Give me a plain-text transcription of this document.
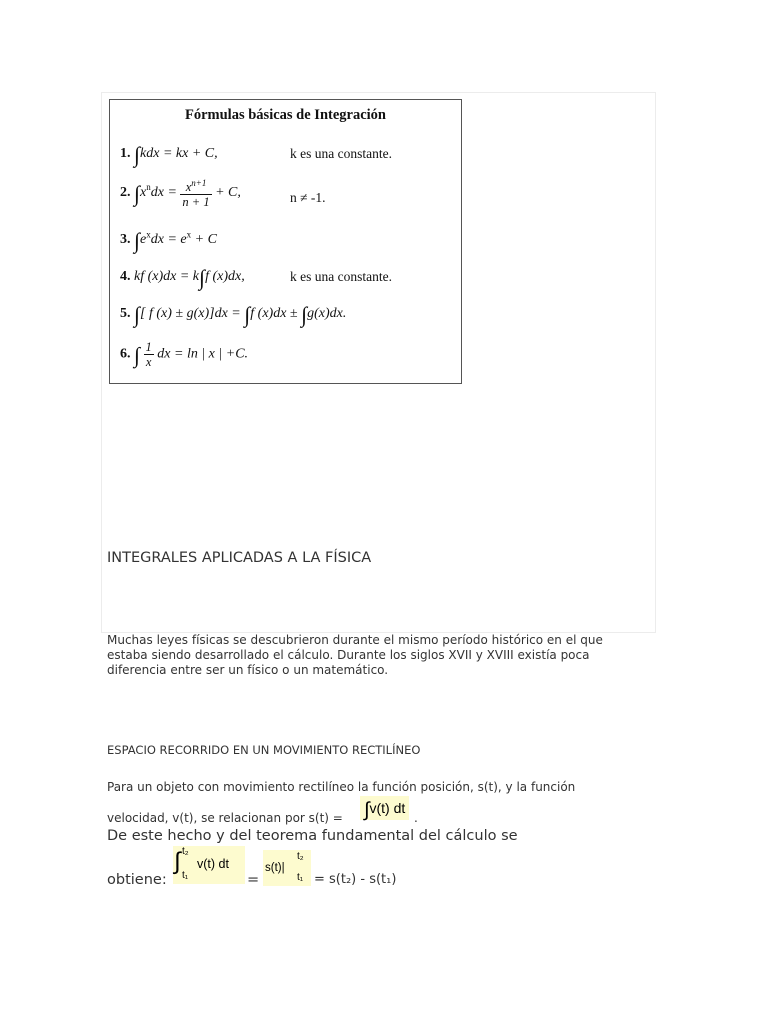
Fórmulas básicas de Integración
1. ∫kdx = kx + C,	k es una constante.
2. $\int x^ndx = \frac{x^{n+1}}{n + 1} + C$,	n ≠ -1.
3. $\int e^xdx = e^x + C$
4. kf (x)dx = k∫f (x)dx,	k es una constante.
5. ∫[ f (x) ± g(x)]dx = ∫f (x)dx ± ∫g(x)dx.
6. ∫ $\frac{1}{x}$ dx = ln | x | +C.
INTEGRALES APLICADAS A LA FÍSICA
Muchas leyes físicas se descubrieron durante el mismo período histórico en el que estaba siendo desarrollado el cálculo. Durante los siglos XVII y XVIII existía poca diferencia entre ser un físico o un matemático.
ESPACIO RECORRIDO EN UN MOVIMIENTO RECTILÍNEO
Para un objeto con movimiento rectilíneo la función posición, s(t), y la función
velocidad, v(t), se relacionan por s(t) = ∫v(t) dt
.
De este hecho y del teorema fundamental del cálculo se
obtiene:
∫ t₂
t₁
v(t) dt
=
s(t)|
t₂
t₁ = s(t₂) - s(t₁)
